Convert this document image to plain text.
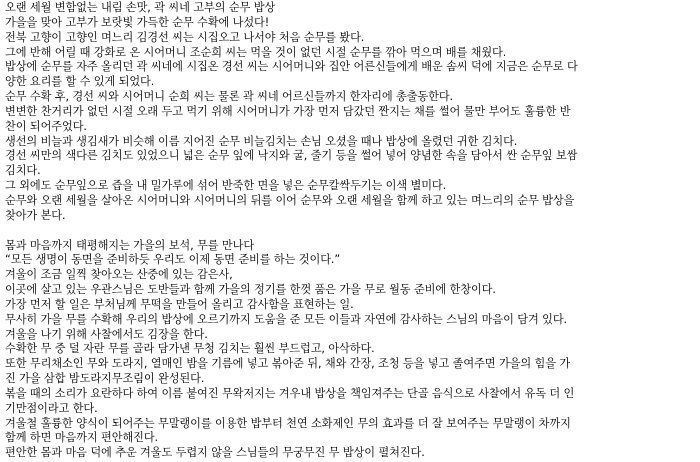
오랜 세월 변함없는 내림 손맛, 곽 씨네 고부의 순무 밥상
가을을 맞아 고부가 보랏빛 가득한 순무 수확에 나섰다!
전북 고향이 고향인 며느리 김경선 씨는 시집오고 나서야 처음 순무를 봤다.
그에 반해 어릴 때 강화로 온 시어머니 조순희 씨는 먹을 것이 없던 시절 순무를 깎아 먹으며 배를 채웠다.
밥상에 순무를 자주 올리던 곽 씨네에 시집온 경선 씨는 시어머니와 집안 어른신들에게 배운 솜씨 덕에 지금은 순무로 다
양한 요리를 할 수 있게 되었다.
순무 수확 후, 경선 씨와 시어머니 순희 씨는 물론 곽 씨네 어르신들까지 한자리에 총출동한다.
변변한 찬거리가 없던 시절 오래 두고 먹기 위해 시어머니가 가장 먼저 담갔던 짠지는 채를 썰어 물만 부어도 훌륭한 반
찬이 되어주었다.
생선의 비늘과 생김새가 비슷해 이름 지어진 순무 비늘김치는 손님 오셨을 때나 밥상에 올렸던 귀한 김치다.
경선 씨만의 색다른 김치도 있었으니 넓은 순무 잎에 낙지와 굴, 줄기 등을 썰어 넣어 양념한 속을 담아서 싼 순무잎 보쌈
김치다.
그 외에도 순무잎으로 즙을 내 밀가루에 섞어 반죽한 면을 넣은 순무칼싹두기는 이색 별미다.
순무와 오랜 세월을 살아온 시어머니와 시어머니의 뒤를 이어 순무와 오랜 세월을 함께 하고 있는 며느리의 순무 밥상을
찾아가 본다.
몸과 마음까지 태평해지는 가을의 보석, 무를 만나다
“모든 생명이 동면을 준비하듯 우리도 이제 동면 준비를 하는 것이다.”
겨울이 조금 일찍 찾아오는 산중에 있는 감은사,
이곳에 살고 있는 우관스님은 도반들과 함께 가을의 정기를 한껏 품은 가을 무로 월동 준비에 한창이다.
가장 먼저 할 일은 부처님께 무떡을 만들어 올리고 감사함을 표현하는 일.
무사히 가을 무를 수확해 우리의 밥상에 오르기까지 도움을 준 모든 이들과 자연에 감사하는 스님의 마음이 담겨 있다.
겨울을 나기 위해 사찰에서도 김장을 한다.
수확한 무 중 덜 자란 무를 골라 담가낸 무청 김치는 훨씬 부드럽고, 아삭하다.
또한 무리채소인 무와 도라지, 열매인 밤을 기름에 넣고 볶아준 뒤, 채와 간장, 조청 등을 넣고 졸여주면 가을의 힘을 가
진 가을 삼합 밤도라지무조림이 완성된다.
볶을 때의 소리가 요란하다 하여 이름 붙여진 무왁저지는 겨우내 밥상을 책임져주는 단골 음식으로 사찰에서 유독 더 인
기만점이라고 한다.
겨울철 훌륭한 양식이 되어주는 무말랭이를 이용한 밥부터 천연 소화제인 무의 효과를 더 잘 보여주는 무말랭이 차까지
함께 하면 마음까지 편안해진다.
편안한 몸과 마음 덕에 추운 겨울도 두렵지 않을 스님들의 무궁무진 무 밥상이 펼쳐진다.
